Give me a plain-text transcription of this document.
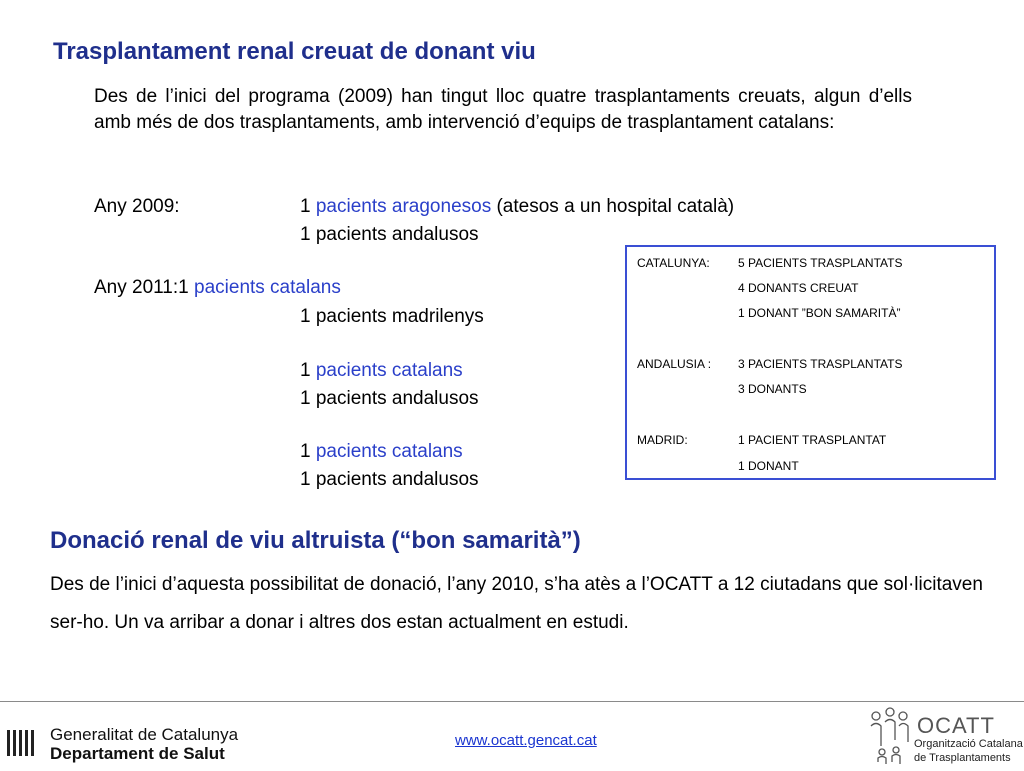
Trasplantament renal creuat de donant viu
Des de l’inici del programa (2009) han tingut lloc quatre trasplantaments creuats, algun d’ells amb més de dos trasplantaments, amb intervenció d’equips de trasplantament catalans:
Any 2009:	1 pacients aragonesos (atesos a un hospital català)
1 pacients andalusos
Any 2011:1 pacients catalans
1 pacients madrilenys
1 pacients catalans
1 pacients andalusos
1 pacients catalans
1 pacients andalusos
CATALUNYA: 5 PACIENTS TRASPLANTATS
4 DONANTS CREUAT
1 DONANT ”BON SAMARITÀ”
ANDALUSIA : 3 PACIENTS TRASPLANTATS
3 DONANTS
MADRID:	1 PACIENT TRASPLANTAT
1 DONANT
Donació renal de viu altruista (“bon samarità”)
Des de l’inici d’aquesta possibilitat de donació, l’any 2010, s’ha atès a l’OCATT a 12 ciutadans que sol·licitaven ser-ho. Un va arribar a donar i altres dos estan actualment en estudi.
Generalitat de Catalunya
Departament de Salut
www.ocatt.gencat.cat
OCATT
Organització Catalana
de Trasplantaments
